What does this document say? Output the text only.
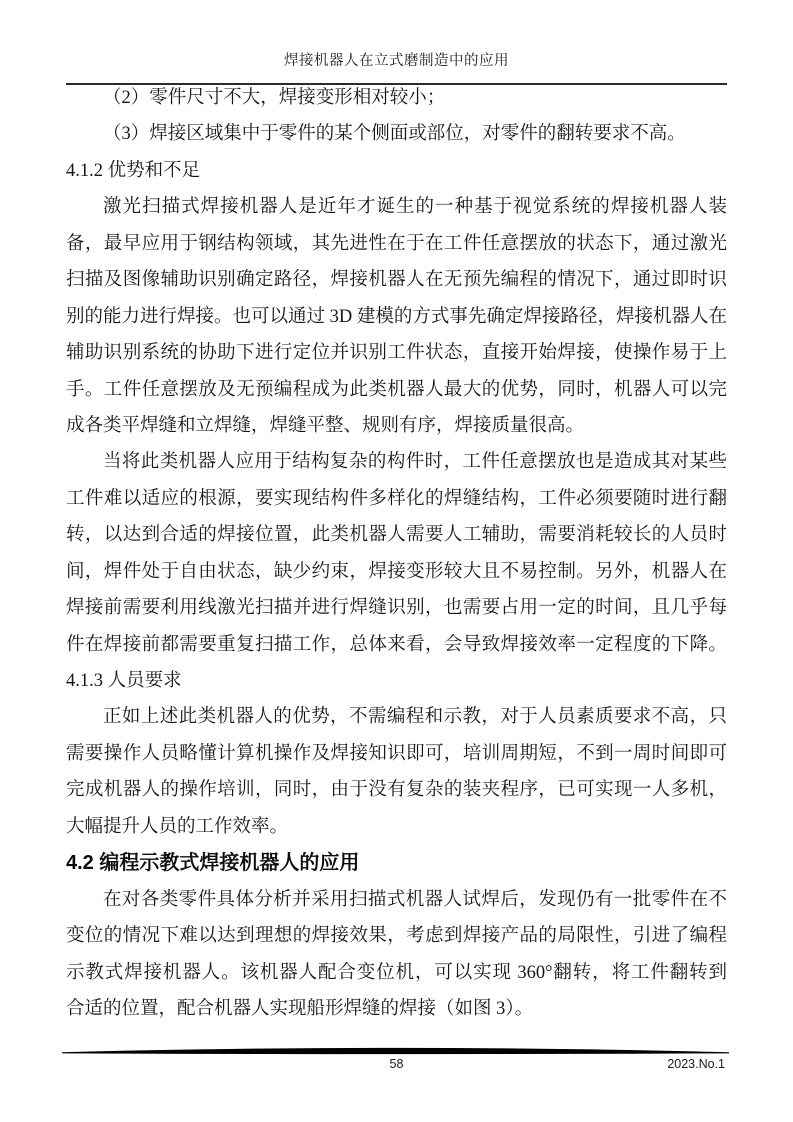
焊接机器人在立式磨制造中的应用
（2）零件尺寸不大，焊接变形相对较小；
（3）焊接区域集中于零件的某个侧面或部位，对零件的翻转要求不高。
4.1.2 优势和不足
激光扫描式焊接机器人是近年才诞生的一种基于视觉系统的焊接机器人装
备，最早应用于钢结构领域，其先进性在于在工件任意摆放的状态下，通过激光
扫描及图像辅助识别确定路径，焊接机器人在无预先编程的情况下，通过即时识
别的能力进行焊接。也可以通过 3D 建模的方式事先确定焊接路径，焊接机器人在
辅助识别系统的协助下进行定位并识别工件状态，直接开始焊接，使操作易于上
手。工件任意摆放及无预编程成为此类机器人最大的优势，同时，机器人可以完
成各类平焊缝和立焊缝，焊缝平整、规则有序，焊接质量很高。
当将此类机器人应用于结构复杂的构件时，工件任意摆放也是造成其对某些
工件难以适应的根源，要实现结构件多样化的焊缝结构，工件必须要随时进行翻
转，以达到合适的焊接位置，此类机器人需要人工辅助，需要消耗较长的人员时
间，焊件处于自由状态，缺少约束，焊接变形较大且不易控制。另外，机器人在
焊接前需要利用线激光扫描并进行焊缝识别，也需要占用一定的时间，且几乎每
件在焊接前都需要重复扫描工作，总体来看，会导致焊接效率一定程度的下降。
4.1.3 人员要求
正如上述此类机器人的优势，不需编程和示教，对于人员素质要求不高，只
需要操作人员略懂计算机操作及焊接知识即可，培训周期短，不到一周时间即可
完成机器人的操作培训，同时，由于没有复杂的装夹程序，已可实现一人多机，
大幅提升人员的工作效率。
4.2 编程示教式焊接机器人的应用
在对各类零件具体分析并采用扫描式机器人试焊后，发现仍有一批零件在不
变位的情况下难以达到理想的焊接效果，考虑到焊接产品的局限性，引进了编程
示教式焊接机器人。该机器人配合变位机，可以实现 360°翻转，将工件翻转到
合适的位置，配合机器人实现船形焊缝的焊接（如图 3）。
58	2023.No.1
